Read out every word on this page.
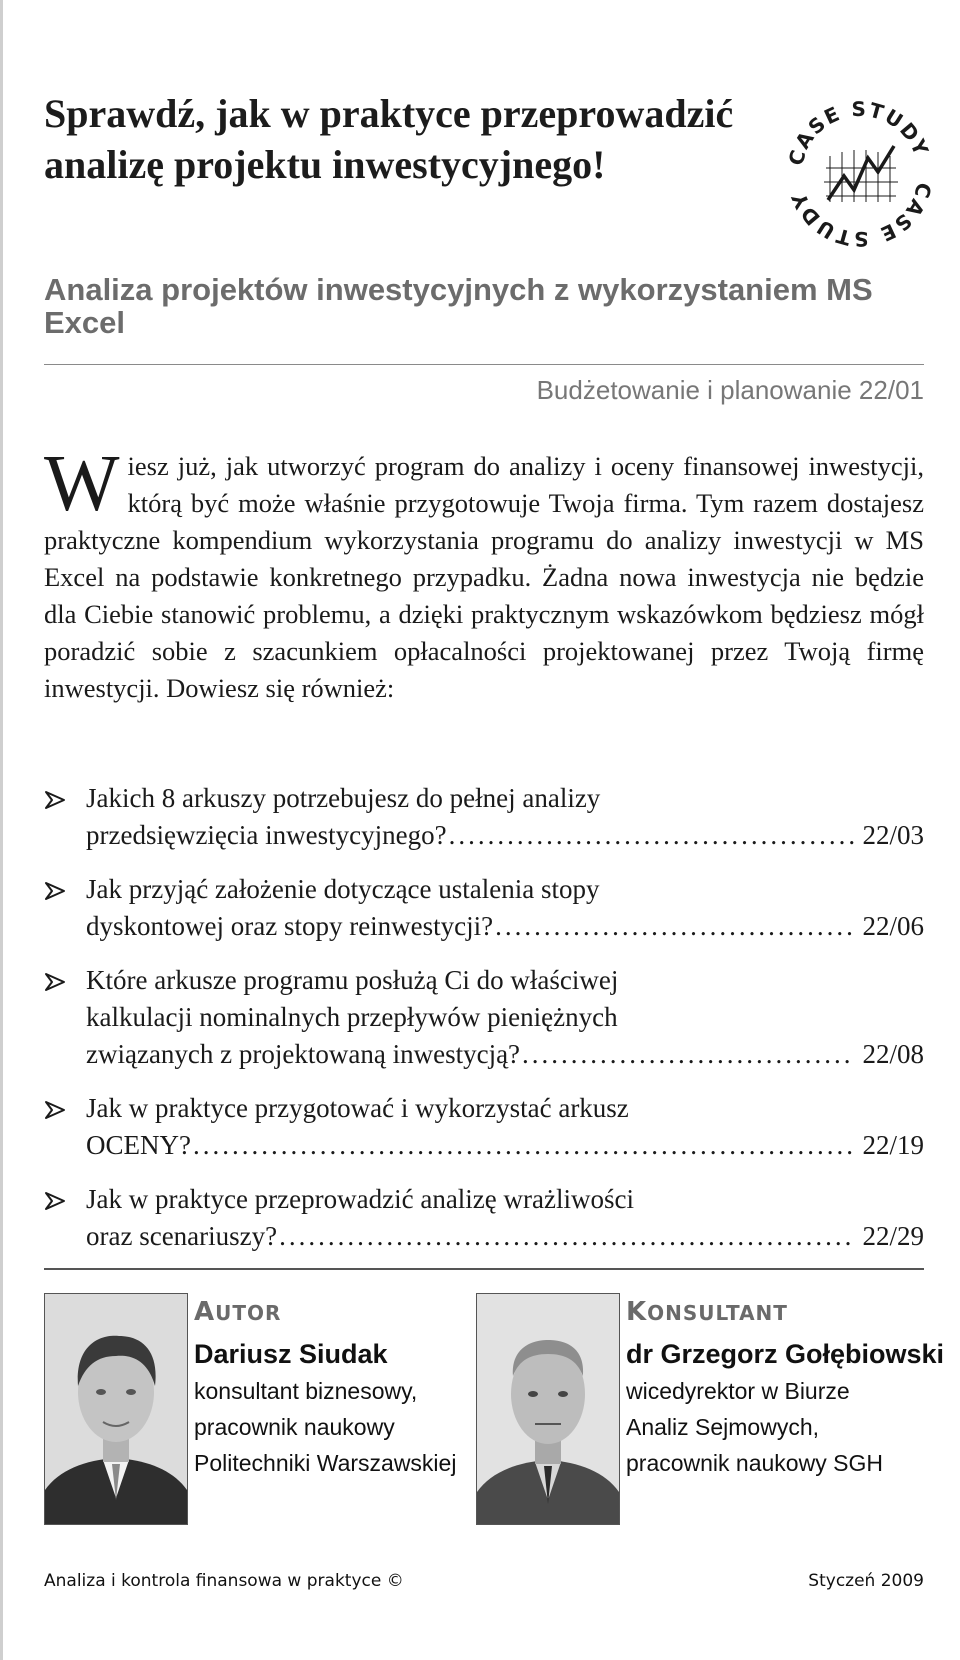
Sprawdź, jak w praktyce przeprowadzić analizę projektu inwestycyjnego!	CASE STUDY
CASE STUDY
Analiza projektów inwestycyjnych z wykorzystaniem MS Excel
Budżetowanie i planowanie 22/01

Wiesz już, jak utworzyć program do analizy i oceny finansowej inwestycji, którą być może właśnie przygotowuje Twoja firma. Tym razem dostajesz praktyczne kompendium wykorzystania programu do analizy inwestycji w MS Excel na podstawie konkretnego przypadku. Żadna nowa inwestycja nie będzie dla Ciebie stanowić problemu, a dzięki praktycznym wskazówkom będziesz mógł poradzić sobie z szacunkiem opłacalności projektowanej przez Twoją firmę inwestycji. Dowiesz się również:

Jakich 8 arkuszy potrzebujesz do pełnej analizy
przedsięwzięcia inwestycyjnego? .....	22/03
Jak przyjąć założenie dotyczące ustalenia stopy
dyskontowej oraz stopy reinwestycji? .....	22/06
Które arkusze programu posłużą Ci do właściwej
kalkulacji nominalnych przepływów pieniężnych
związanych z projektowaną inwestycją? .....	22/08
Jak w praktyce przygotować i wykorzystać arkusz
OCENY? .....	22/19
Jak w praktyce przeprowadzić analizę wrażliwości
oraz scenariuszy? .....	22/29
AUTOR
Dariusz Siudak
konsultant biznesowy,
pracownik naukowy
Politechniki Warszawskiej
KONSULTANT
dr Grzegorz Gołębiowski
wicedyrektor w Biurze
Analiz Sejmowych,
pracownik naukowy SGH
Analiza i kontrola finansowa w praktyce ©	Styczeń 2009
